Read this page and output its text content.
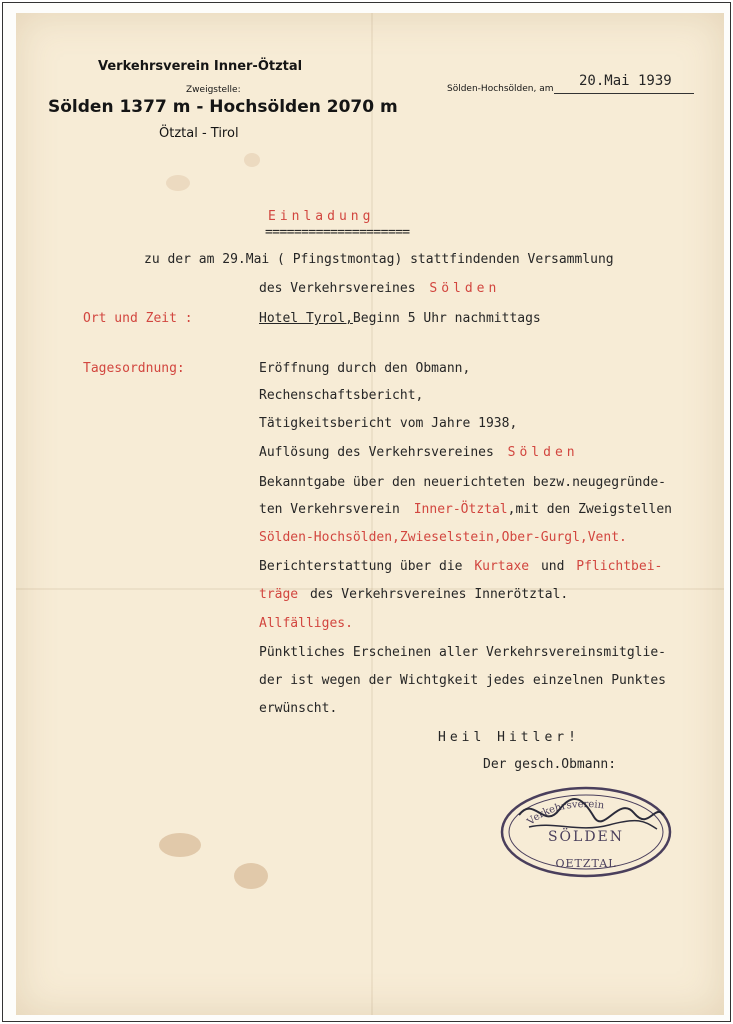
Verkehrsverein Inner-Ötztal
Zweigstelle:
Sölden 1377 m - Hochsölden 2070 m
Ötztal - Tirol
Sölden-Hochsölden, am 20.Mai 1939
Einladung
====================
zu der am 29.Mai ( Pfingstmontag) stattfindenden Versammlung
des Verkehrsvereines Sölden
Ort und Zeit :	Hotel Tyrol,Beginn 5 Uhr nachmittags
Tagesordnung:	Eröffnung durch den Obmann,
Rechenschaftsbericht,
Tätigkeitsbericht vom Jahre 1938,
Auflösung des Verkehrsvereines Sölden
Bekanntgabe über den neuerichteten bezw.neugegründe-
ten Verkehrsverein Inner-Ötztal,mit den Zweigstellen
Sölden-Hochsölden,Zwieselstein,Ober-Gurgl,Vent.
Berichterstattung über die Kurtaxe und Pflichtbei-
träge des Verkehrsvereines Innerötztal.
Allfälliges.
Pünktliches Erscheinen aller Verkehrsvereinsmitglie-
der ist wegen der Wichtgkeit jedes einzelnen Punktes
erwünscht.
Heil Hitler!
Der gesch.Obmann:
Verkehrsverein
SÖLDEN
OETZTAL
